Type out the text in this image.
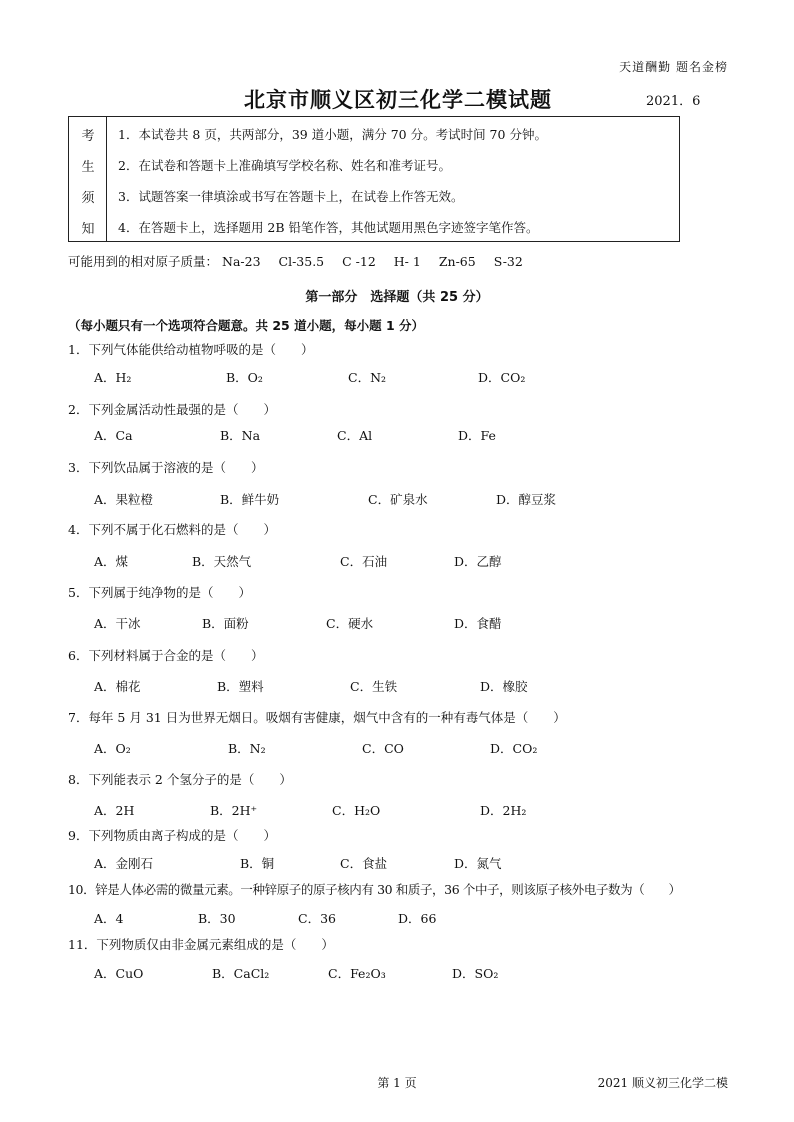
天道酬勤 题名金榜
北京市顺义区初三化学二模试题	2021．6
考
生
须
知
1．本试卷共 8 页，共两部分，39 道小题，满分 70 分。考试时间 70 分钟。
2．在试卷和答题卡上准确填写学校名称、姓名和准考证号。
3．试题答案一律填涂或书写在答题卡上，在试卷上作答无效。
4．在答题卡上，选择题用 2B 铅笔作答，其他试题用黑色字迹签字笔作答。
可能用到的相对原子质量： Na-23 Cl-35.5 C -12 H- 1 Zn-65 S-32
第一部分　选择题（共 25 分）
（每小题只有一个选项符合题意。共 25 道小题，每小题 1 分）
1．下列气体能供给动植物呼吸的是（　　）
A．H₂	B．O₂	C．N₂	D．CO₂
2．下列金属活动性最强的是（　　）
A．Ca	B．Na	C．Al	D．Fe
3．下列饮品属于溶液的是（　　）
A．果粒橙	B．鲜牛奶	C．矿泉水	D．醇豆浆
4．下列不属于化石燃料的是（　　）
A．煤	B．天然气	C．石油	D．乙醇
5．下列属于纯净物的是（　　）
A．干冰	B．面粉	C．硬水	D．食醋
6．下列材料属于合金的是（　　）
A．棉花	B．塑料	C．生铁	D．橡胶
7．每年 5 月 31 日为世界无烟日。吸烟有害健康，烟气中含有的一种有毒气体是（　　）
A．O₂	B．N₂	C．CO	D．CO₂
8．下列能表示 2 个氢分子的是（　　）
A．2H	B．2H⁺	C．H₂O	D．2H₂
9．下列物质由离子构成的是（　　）
A．金刚石	B．铜	C．食盐	D．氮气
10．锌是人体必需的微量元素。一种锌原子的原子核内有 30 和质子，36 个中子，则该原子核外电子数为（　　）
A．4	B．30	C．36	D．66
11．下列物质仅由非金属元素组成的是（　　）
A．CuO	B．CaCl₂	C．Fe₂O₃	D．SO₂
第 1 页	2021 顺义初三化学二模
